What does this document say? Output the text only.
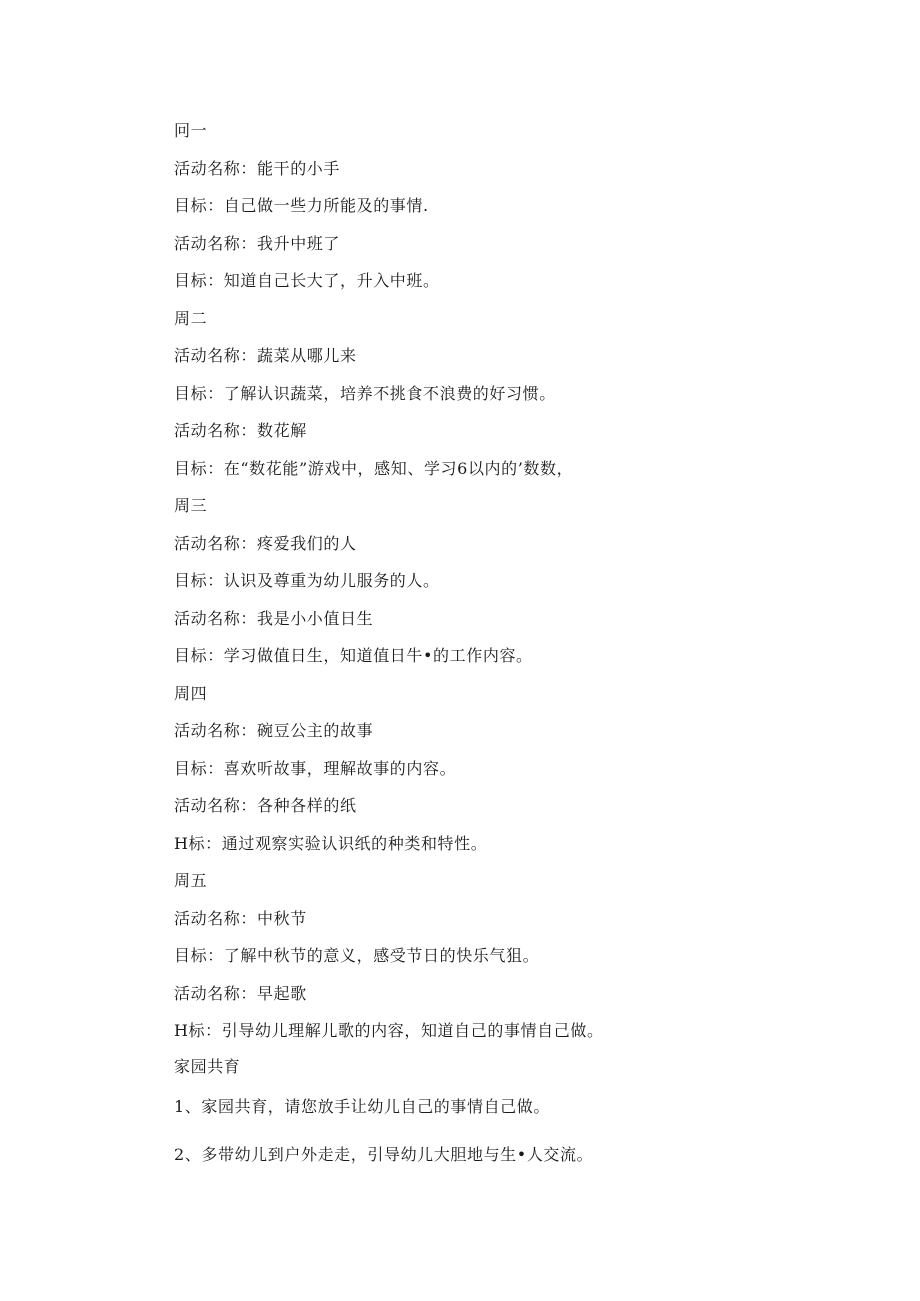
冋一
活动名称：能干的小手
目标：自己做一些力所能及的事情.
活动名称：我升中班了
目标：知道自己长大了，升入中班。
周二
活动名称：蔬菜从哪儿来
目标：了解认识蔬菜，培养不挑食不浪费的好习惯。
活动名称：数花解
目标：在“数花能”游戏中，感知、学习6以内的’数数，
周三
活动名称：疼爱我们的人
目标：认识及尊重为幼儿服务的人。
活动名称：我是小小值日生
目标：学习做值日生，知道值日牛•的工作内容。
周四
活动名称：碗豆公主的故事
目标：喜欢听故事，理解故事的内容。
活动名称：各种各样的纸
H标：通过观察实验认识纸的种类和特性。
周五
活动名称：中秋节
目标：了解中秋节的意义，感受节日的快乐气狙。
活动名称：早起歌
H标：引导幼儿理解儿歌的内容，知道自己的事情自己做。
家园共育
1、家园共育，请您放手让幼儿自己的事情自己做。
2、多带幼儿到户外走走，引导幼儿大胆地与生•人交流。
